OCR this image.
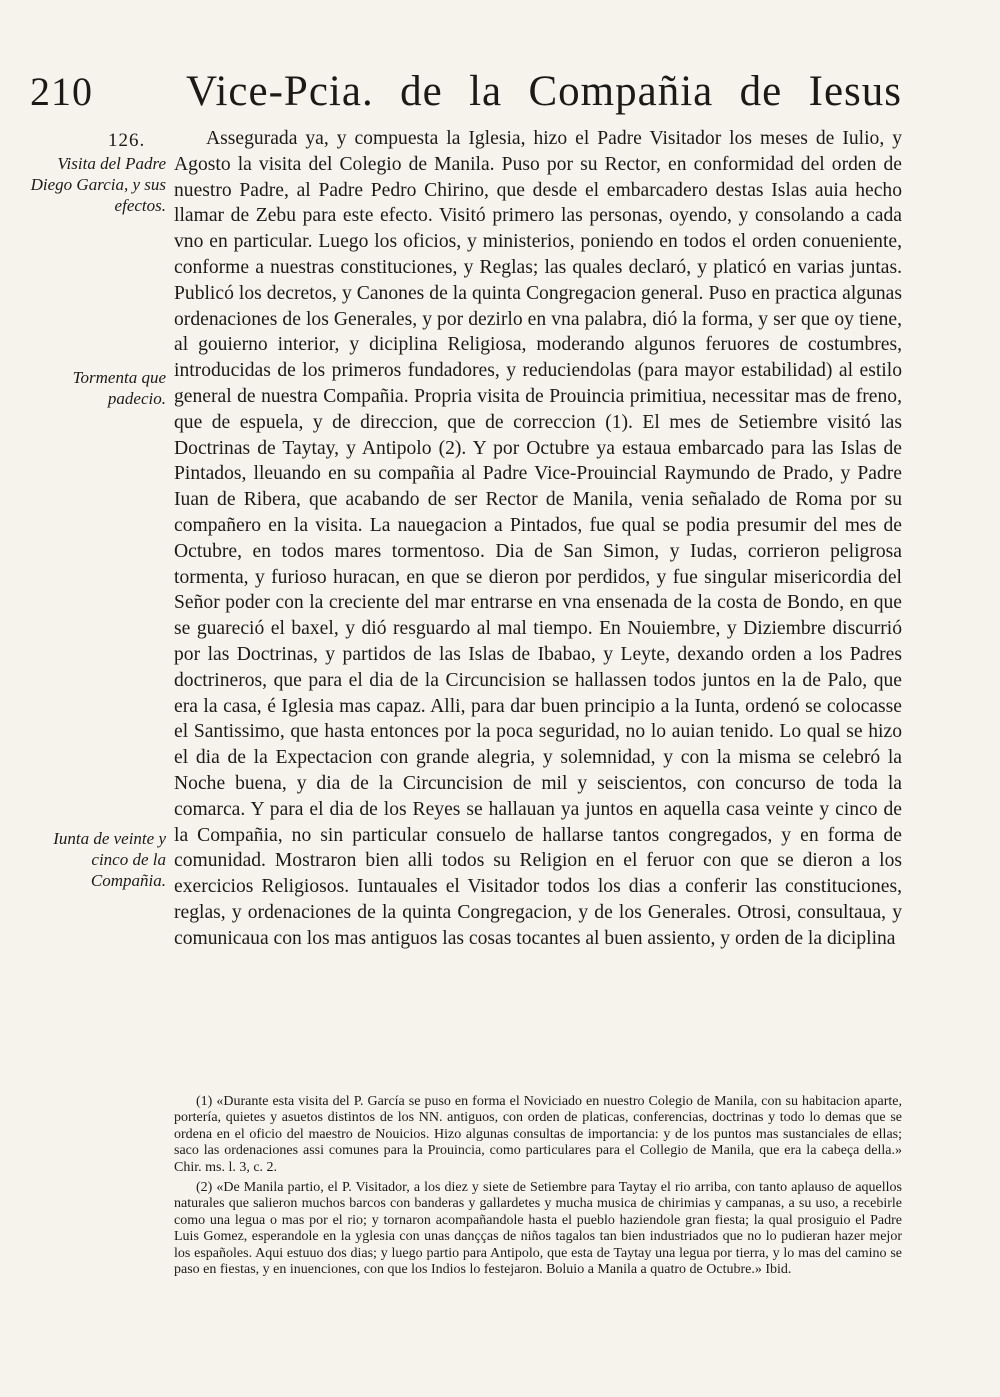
210 Vice-Pcia. de la Compañia de Iesus
126.
Visita del Padre Diego Garcia, y sus efectos.
Tormenta que padecio.
Iunta de veinte y cinco de la Compañia.

Assegurada ya, y compuesta la Iglesia, hizo el Padre Visitador los meses de Iulio, y Agosto la visita del Colegio de Manila. Puso por su Rector, en conformidad del orden de nuestro Padre, al Padre Pedro Chirino, que desde el embarcadero destas Islas auia hecho llamar de Zebu para este efecto. Visitó primero las personas, oyendo, y consolando a cada vno en particular. Luego los oficios, y ministerios, poniendo en todos el orden conueniente, conforme a nuestras constituciones, y Reglas; las quales declaró, y platicó en varias juntas. Publicó los decretos, y Canones de la quinta Congregacion general. Puso en practica algunas ordenaciones de los Generales, y por dezirlo en vna palabra, dió la forma, y ser que oy tiene, al gouierno interior, y diciplina Religiosa, moderando algunos feruores de costumbres, introducidas de los primeros fundadores, y reduciendolas (para mayor estabilidad) al estilo general de nuestra Compañia. Propria visita de Prouincia primitiua, necessitar mas de freno, que de espuela, y de direccion, que de correccion (1). El mes de Setiembre visitó las Doctrinas de Taytay, y Antipolo (2). Y por Octubre ya estaua embarcado para las Islas de Pintados, lleuando en su compañia al Padre Vice-Prouincial Raymundo de Prado, y Padre Iuan de Ribera, que acabando de ser Rector de Manila, venia señalado de Roma por su compañero en la visita. La nauegacion a Pintados, fue qual se podia presumir del mes de Octubre, en todos mares tormentoso. Dia de San Simon, y Iudas, corrieron peligrosa tormenta, y furioso huracan, en que se dieron por perdidos, y fue singular misericordia del Señor poder con la creciente del mar entrarse en vna ensenada de la costa de Bondo, en que se guareció el baxel, y dió resguardo al mal tiempo. En Nouiembre, y Diziembre discurrió por las Doctrinas, y partidos de las Islas de Ibabao, y Leyte, dexando orden a los Padres doctrineros, que para el dia de la Circuncision se hallassen todos juntos en la de Palo, que era la casa, é Iglesia mas capaz. Alli, para dar buen principio a la Iunta, ordenó se colocasse el Santissimo, que hasta entonces por la poca seguridad, no lo auian tenido. Lo qual se hizo el dia de la Expectacion con grande alegria, y solemnidad, y con la misma se celebró la Noche buena, y dia de la Circuncision de mil y seiscientos, con concurso de toda la comarca. Y para el dia de los Reyes se hallauan ya juntos en aquella casa veinte y cinco de la Compañia, no sin particular consuelo de hallarse tantos congregados, y en forma de comunidad. Mostraron bien alli todos su Religion en el feruor con que se dieron a los exercicios Religiosos. Iuntauales el Visitador todos los dias a conferir las constituciones, reglas, y ordenaciones de la quinta Congregacion, y de los Generales. Otrosi, consultaua, y comunicaua con los mas antiguos las cosas tocantes al buen assiento, y orden de la diciplina

(1) «Durante esta visita del P. García se puso en forma el Noviciado en nuestro Colegio de Manila, con su habitacion aparte, portería, quietes y asuetos distintos de los NN. antiguos, con orden de platicas, conferencias, doctrinas y todo lo demas que se ordena en el oficio del maestro de Nouicios. Hizo algunas consultas de importancia: y de los puntos mas sustanciales de ellas; saco las ordenaciones assi comunes para la Prouincia, como particulares para el Collegio de Manila, que era la cabeça della.» Chir. ms. l. 3, c. 2.

(2) «De Manila partio, el P. Visitador, a los diez y siete de Setiembre para Taytay el rio arriba, con tanto aplauso de aquellos naturales que salieron muchos barcos con banderas y gallardetes y mucha musica de chirimias y campanas, a su uso, a recebirle como una legua o mas por el rio; y tornaron acompañandole hasta el pueblo haziendole gran fiesta; la qual prosiguio el Padre Luis Gomez, esperandole en la yglesia con unas dançças de niños tagalos tan bien industriados que no lo pudieran hazer mejor los españoles. Aqui estuuo dos dias; y luego partio para Antipolo, que esta de Taytay una legua por tierra, y lo mas del camino se paso en fiestas, y en inuenciones, con que los Indios lo festejaron. Boluio a Manila a quatro de Octubre.» Ibid.
